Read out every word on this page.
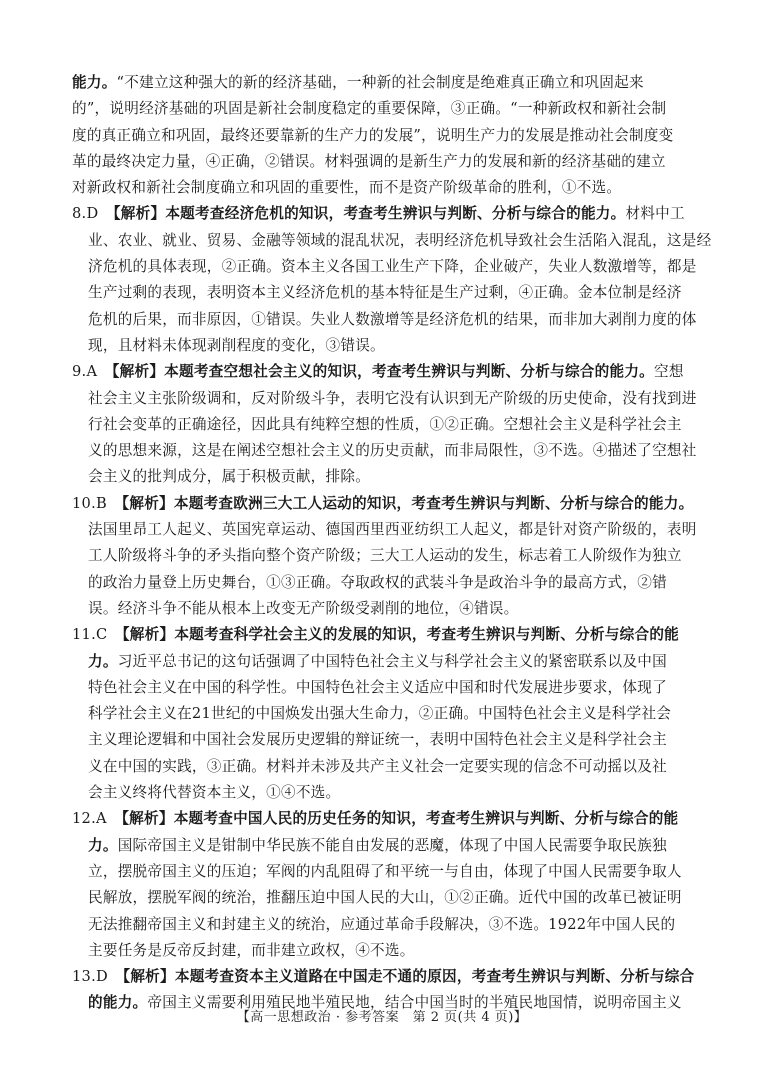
能力。“不建立这种强大的新的经济基础，一种新的社会制度是绝难真正确立和巩固起来

的”，说明经济基础的巩固是新社会制度稳定的重要保障，③正确。“一种新政权和新社会制

度的真正确立和巩固，最终还要靠新的生产力的发展”，说明生产力的发展是推动社会制度变

革的最终决定力量，④正确，②错误。材料强调的是新生产力的发展和新的经济基础的建立

对新政权和新社会制度确立和巩固的重要性，而不是资产阶级革命的胜利，①不选。

8.D  【解析】本题考查经济危机的知识，考查考生辨识与判断、分析与综合的能力。材料中工

业、农业、就业、贸易、金融等领域的混乱状况，表明经济危机导致社会生活陷入混乱，这是经

济危机的具体表现，②正确。资本主义各国工业生产下降，企业破产，失业人数激增等，都是

生产过剩的表现，表明资本主义经济危机的基本特征是生产过剩，④正确。金本位制是经济

危机的后果，而非原因，①错误。失业人数激增等是经济危机的结果，而非加大剥削力度的体

现，且材料未体现剥削程度的变化，③错误。

9.A  【解析】本题考查空想社会主义的知识，考查考生辨识与判断、分析与综合的能力。空想

社会主义主张阶级调和，反对阶级斗争，表明它没有认识到无产阶级的历史使命，没有找到进

行社会变革的正确途径，因此具有纯粹空想的性质，①②正确。空想社会主义是科学社会主

义的思想来源，这是在阐述空想社会主义的历史贡献，而非局限性，③不选。④描述了空想社

会主义的批判成分，属于积极贡献，排除。

10.B  【解析】本题考查欧洲三大工人运动的知识，考查考生辨识与判断、分析与综合的能力。

法国里昂工人起义、英国宪章运动、德国西里西亚纺织工人起义，都是针对资产阶级的，表明

工人阶级将斗争的矛头指向整个资产阶级；三大工人运动的发生，标志着工人阶级作为独立

的政治力量登上历史舞台，①③正确。夺取政权的武装斗争是政治斗争的最高方式，②错

误。经济斗争不能从根本上改变无产阶级受剥削的地位，④错误。

11.C  【解析】本题考查科学社会主义的发展的知识，考查考生辨识与判断、分析与综合的能

力。习近平总书记的这句话强调了中国特色社会主义与科学社会主义的紧密联系以及中国

特色社会主义在中国的科学性。中国特色社会主义适应中国和时代发展进步要求，体现了

科学社会主义在21世纪的中国焕发出强大生命力，②正确。中国特色社会主义是科学社会

主义理论逻辑和中国社会发展历史逻辑的辩证统一，表明中国特色社会主义是科学社会主

义在中国的实践，③正确。材料并未涉及共产主义社会一定要实现的信念不可动摇以及社

会主义终将代替资本主义，①④不选。

12.A  【解析】本题考查中国人民的历史任务的知识，考查考生辨识与判断、分析与综合的能

力。国际帝国主义是钳制中华民族不能自由发展的恶魔，体现了中国人民需要争取民族独

立，摆脱帝国主义的压迫；军阀的内乱阻碍了和平统一与自由，体现了中国人民需要争取人

民解放，摆脱军阀的统治，推翻压迫中国人民的大山，①②正确。近代中国的改革已被证明

无法推翻帝国主义和封建主义的统治，应通过革命手段解决，③不选。1922年中国人民的

主要任务是反帝反封建，而非建立政权，④不选。

13.D  【解析】本题考查资本主义道路在中国走不通的原因，考查考生辨识与判断、分析与综合

的能力。帝国主义需要利用殖民地半殖民地，结合中国当时的半殖民地国情，说明帝国主义

【高一思想政治 · 参考答案　第 2 页(共 4 页)】
